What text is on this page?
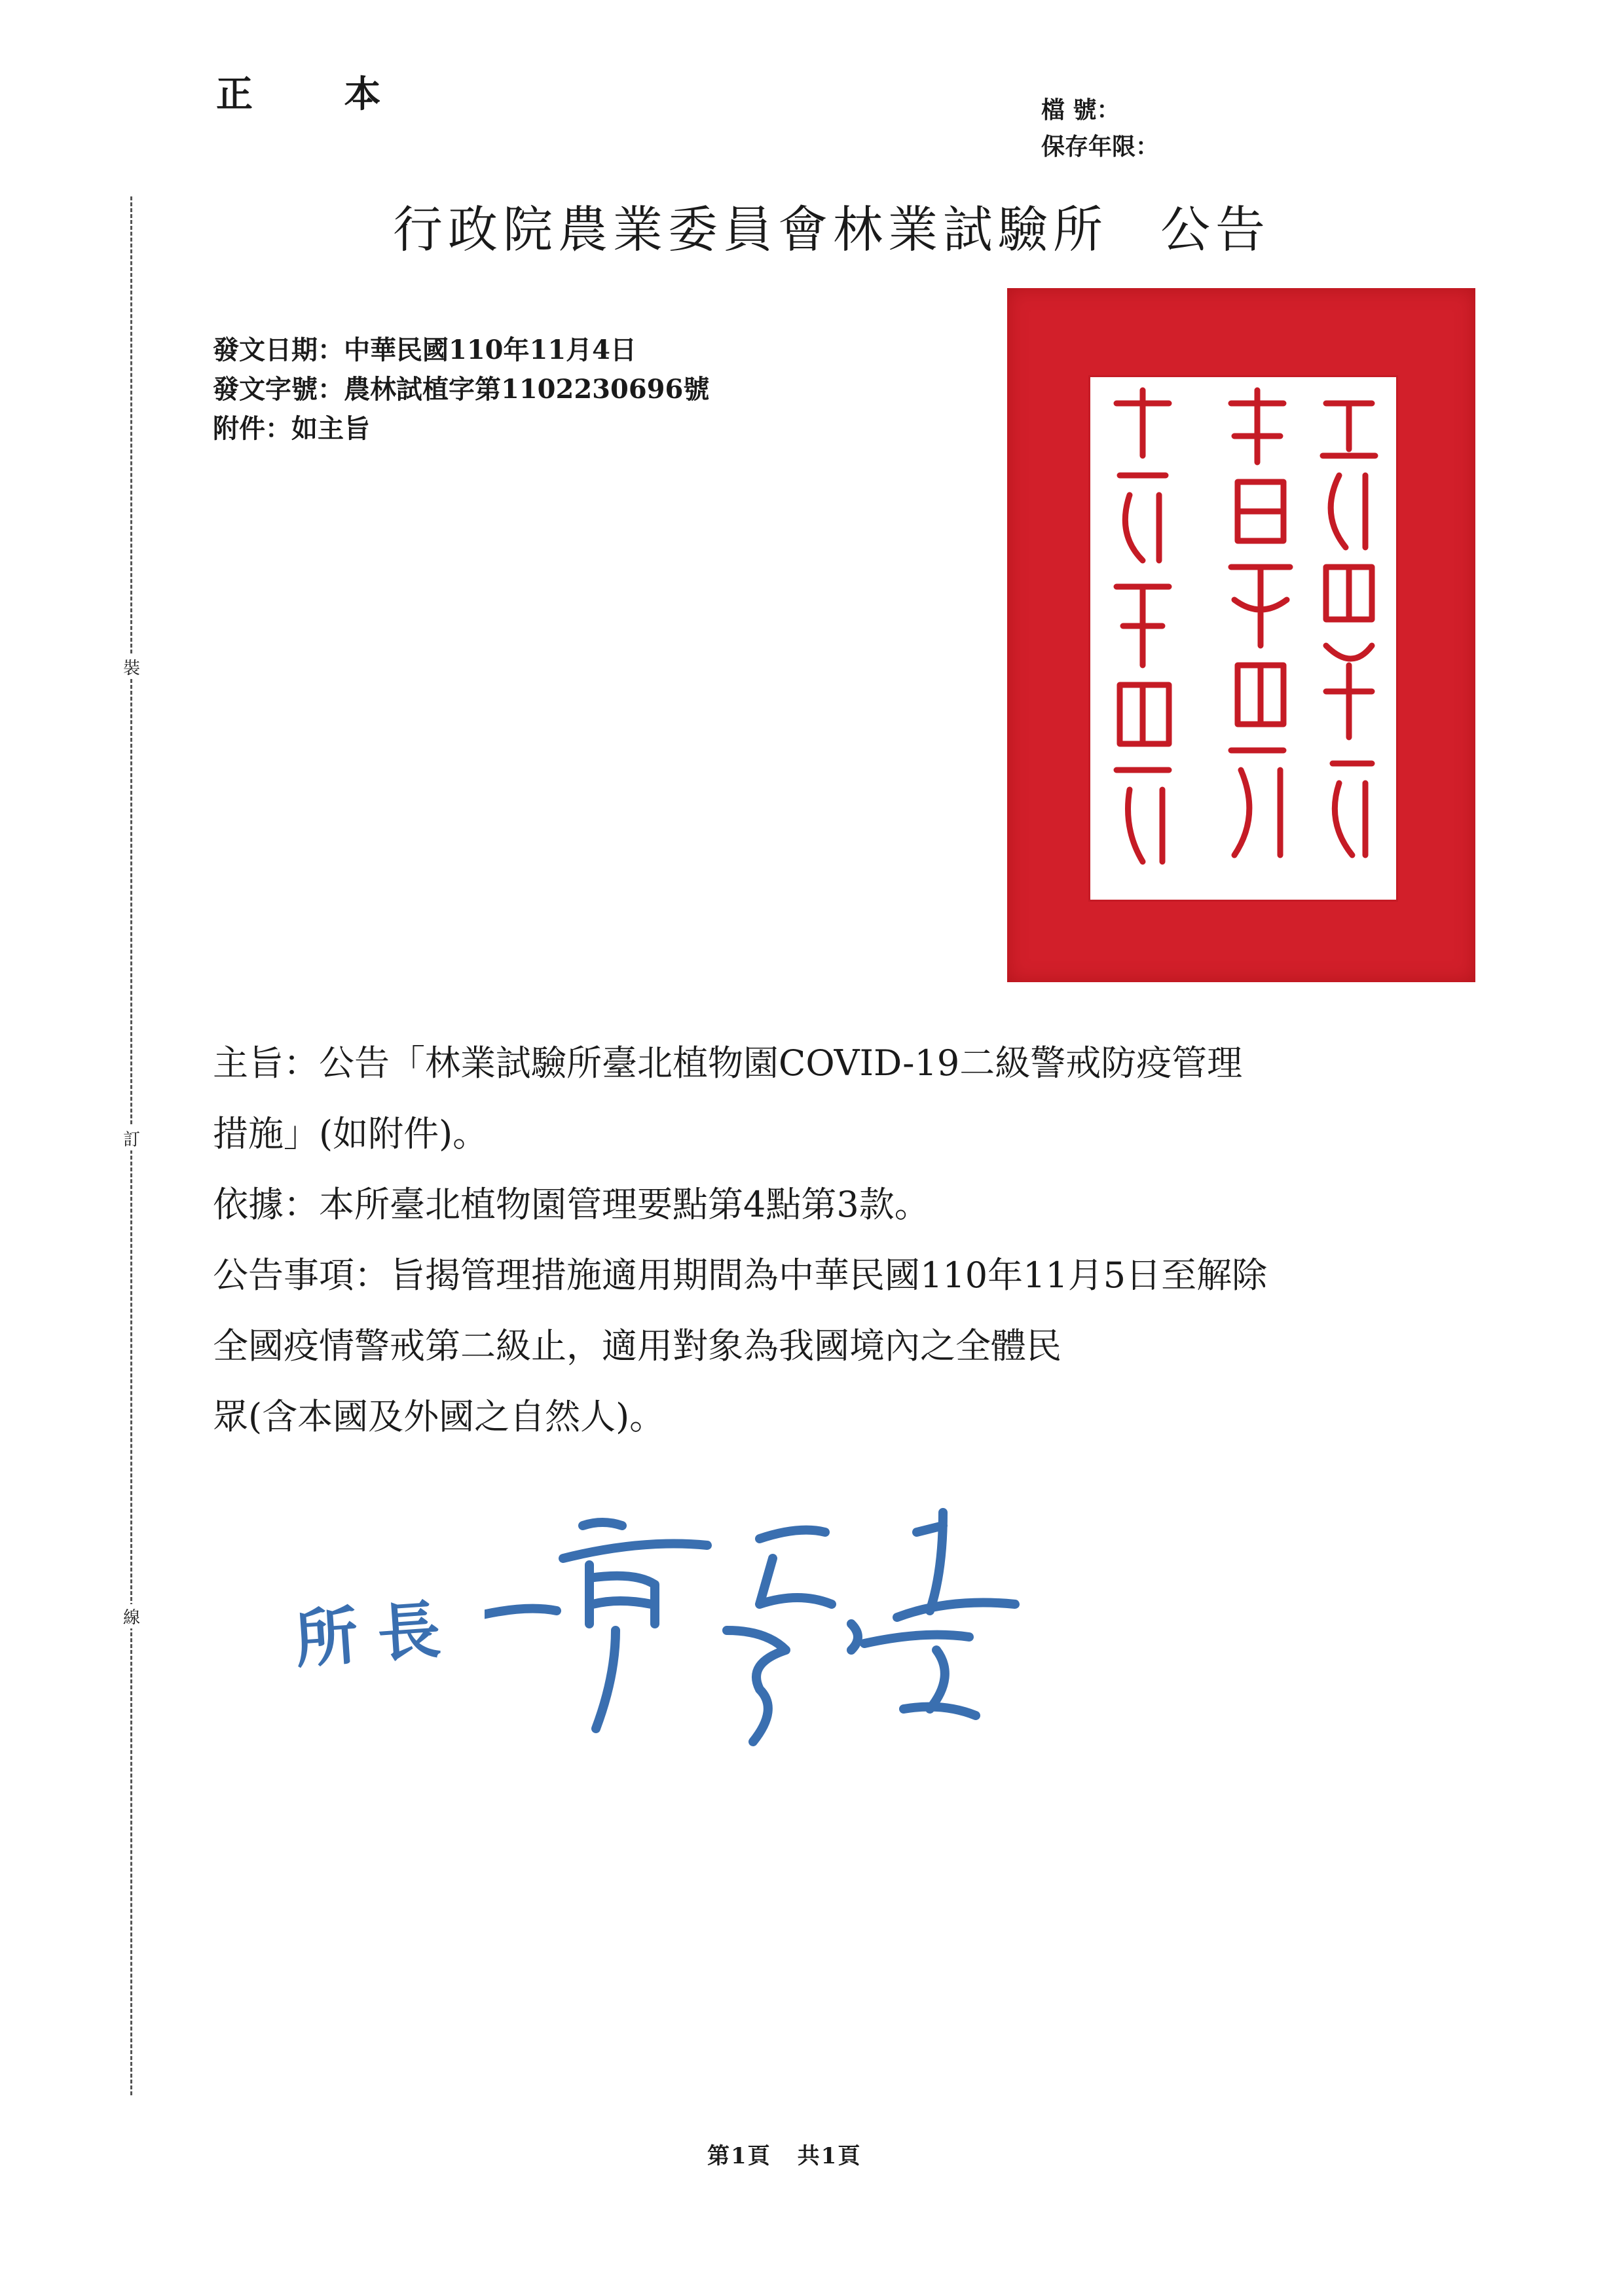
裝
訂
線
正 本	檔 號：
保存年限：
行政院農業委員會林業試驗所 公告
發文日期：中華民國110年11月4日
發文字號：農林試植字第1102230696號
附件：如主旨
主旨：公告「林業試驗所臺北植物園COVID-19二級警戒防疫管理
措施」(如附件)。
依據：本所臺北植物園管理要點第4點第3款。
公告事項：旨揭管理措施適用期間為中華民國110年11月5日至解除
全國疫情警戒第二級止，適用對象為我國境內之全體民
眾(含本國及外國之自然人)。
所長
第1頁 共1頁
